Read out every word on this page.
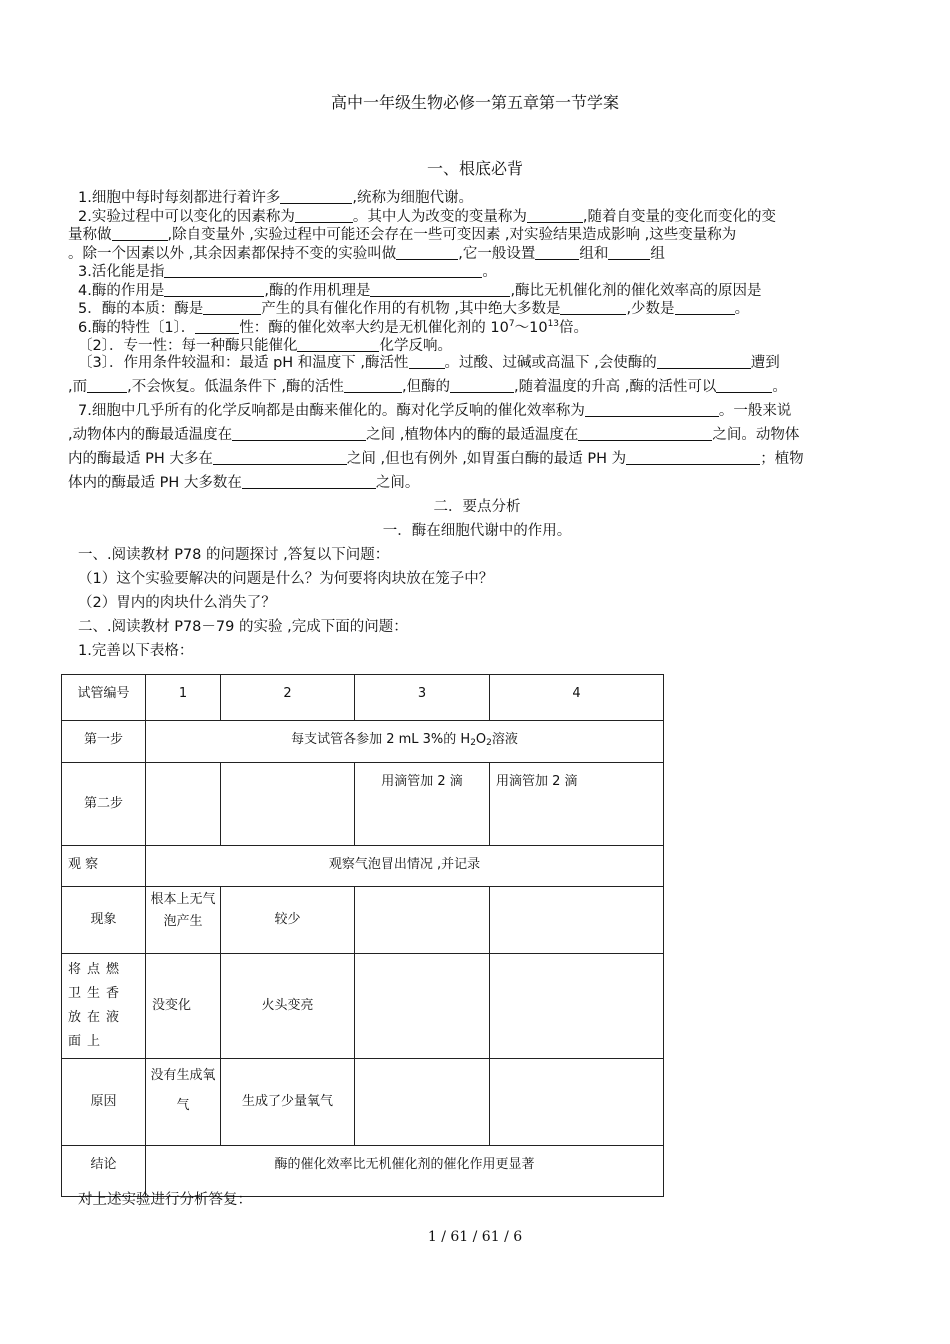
高中一年级生物必修一第五章第一节学案
一、根底必背
1.细胞中每时每刻都进行着许多	,统称为细胞代谢。
2.实验过程中可以变化的因素称为	。其中人为改变的变量称为	,随着自变量的变化而变化的变
量称做	,除自变量外 ,实验过程中可能还会存在一些可变因素 ,对实验结果造成影响 ,这些变量称为
。除一个因素以外 ,其余因素都保持不变的实验叫做	,它一般设置	组和	组
3.活化能是指	。
4.酶的作用是	,酶的作用机理是	,酶比无机催化剂的催化效率高的原因是
5．酶的本质：酶是	产生的具有催化作用的有机物 ,其中绝大多数是	,少数是	。
6.酶的特性〔1〕．	性：酶的催化效率大约是无机催化剂的 $10^7\sim 10^{13}$倍。
〔2〕．专一性：每一种酶只能催化	化学反响。
〔3〕．作用条件较温和：最适 pH 和温度下 ,酶活性 。过酸、过碱或高温下 ,会使酶的	遭到
,而	,不会恢复。低温条件下 ,酶的活性	,但酶的	,随着温度的升高 ,酶的活性可以	。
7.细胞中几乎所有的化学反响都是由酶来催化的。酶对化学反响的催化效率称为	。一般来说
,动物体内的酶最适温度在	之间 ,植物体内的酶的最适温度在	之间。动物体
内的酶最适 PH 大多在	之间 ,但也有例外 ,如胃蛋白酶的最适 PH 为	；植物
体内的酶最适 PH 大多数在	之间。
二．要点分析
一．酶在细胞代谢中的作用。
一、.阅读教材 P78 的问题探讨 ,答复以下问题：
（1）这个实验要解决的问题是什么？为何要将肉块放在笼子中？
（2）胃内的肉块什么消失了？
二、.阅读教材 P78－79 的实验 ,完成下面的问题：
1.完善以下表格：
试管编号	1	2	3	4
第一步	每支试管各参加 2 mL 3%的 $H_2O_2$溶液			
第二步			用滴管加 2 滴	用滴管加 2 滴
观 察	观察气泡冒出情况 ,并记录			
现象	根本上无气泡产生	较少		
将点燃卫生香放在液面上	没变化	火头变亮		
原因	没有生成氧气	生成了少量氧气		
结论	酶的催化效率比无机催化剂的催化作用更显著			
对上述实验进行分析答复：
1 / 61 / 61 / 6
